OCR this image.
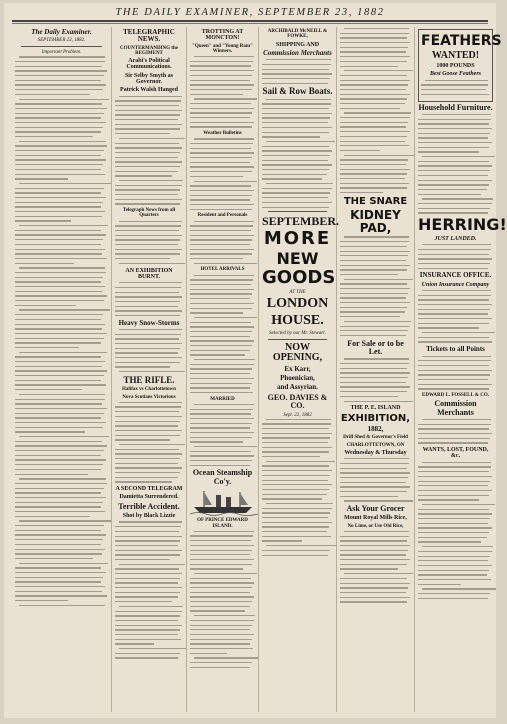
THE DAILY EXAMINER, SEPTEMBER 23, 1882
The Daily Examiner.
SEPTEMBER 23, 1882.
Important Problem.
TELEGRAPHIC NEWS.
COUNTERMANDING the REGIMENT
Arabi's Political Communications.
Sir Selby Smyth as Governor.
Patrick Walsh Hanged
Telegraph News from all Quarters
AN EXHIBITION BURNT.
Heavy Snow-Storms
THE RIFLE.
Halifax vs Charlottetown
Nova Scotians Victorious
A SECOND TELEGRAM
Damietta Surrendered.
Terrible Accident.
Shot by Black Lizzie
TROTTING AT MONCTON!
"Queen" and "Young Ram" Winners.
Weather Bulletins
Resident and Personals
HOTEL ARRIVALS
MARRIED
Ocean Steamship Co'y.
OF PRINCE EDWARD ISLAND.
ARCHIBALD McNEILL & FOWKE,
SHIPPING AND
Commission Merchants
Sail & Row Boats.
SEPTEMBER.
MORE
NEW
GOODS
AT THE
LONDON
HOUSE.
Selected by our Mr. Stewart.
NOW OPENING,
Ex Karr,
Phoenician,
and Assyrian.
GEO. DAVIES & CO.
Sept. 22, 1882
THE SNARE
KIDNEY PAD,
For Sale or to be Let.
THE P. E. ISLAND
EXHIBITION,
1882,
Drill Shed & Governor's Field
CHARLOTTETOWN, ON
Wednesday & Thursday
Ask Your Grocer
Mount Royal Mills Rice,
No Lime, or Use Old Rice,
FEATHERS
WANTED!
1000 POUNDS
Best Goose Feathers
Household Furniture.
HERRING!
JUST LANDED.
INSURANCE OFFICE.
Union Insurance Company
Tickets to all Points
EDWARD L. FOSSELL & CO.
Commission Merchants
WANTS, LOST, FOUND, &c.
